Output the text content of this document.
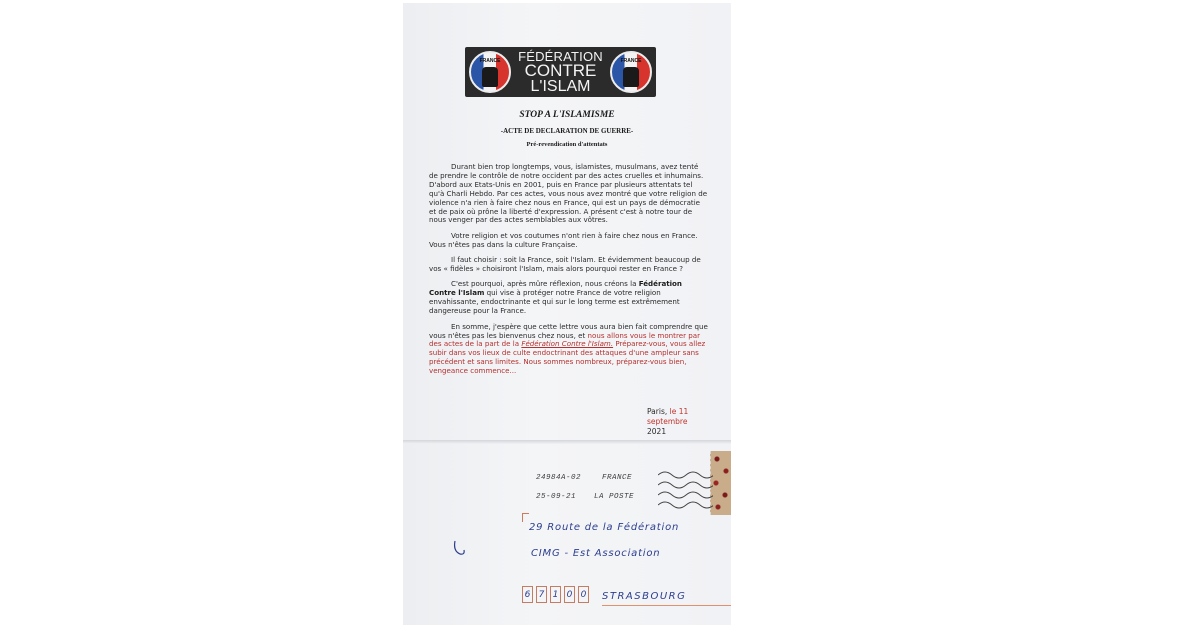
FRANCE	FÉDÉRATION
CONTRE
L'ISLAM
FRANCE
STOP A L'ISLAMISME
-ACTE DE DECLARATION DE GUERRE-
Pré-revendication d'attentats

Durant bien trop longtemps, vous, islamistes, musulmans, avez tenté de prendre le contrôle de notre occident par des actes cruelles et inhumains. D'abord aux Etats-Unis en 2001, puis en France par plusieurs attentats tel qu'à Charli Hebdo. Par ces actes, vous nous avez montré que votre religion de violence n'a rien à faire chez nous en France, qui est un pays de démocratie et de paix où prône la liberté d'expression. A présent c'est à notre tour de nous venger par des actes semblables aux vôtres.

Votre religion et vos coutumes n'ont rien à faire chez nous en France. Vous n'êtes pas dans la culture Française.

Il faut choisir : soit la France, soit l'Islam. Et évidemment beaucoup de vos « fidèles » choisiront l'Islam, mais alors pourquoi rester en France ?

C'est pourquoi, après mûre réflexion, nous créons la Fédération Contre l'Islam qui vise à protéger notre France de votre religion envahissante, endoctrinante et qui sur le long terme est extrêmement dangereuse pour la France.

En somme, j'espère que cette lettre vous aura bien fait comprendre que vous n'êtes pas les bienvenus chez nous, et nous allons vous le montrer par des actes de la part de la Fédération Contre l'Islam. Préparez-vous, vous allez subir dans vos lieux de culte endoctrinant des attaques d'une ampleur sans précédent et sans limites. Nous sommes nombreux, préparez-vous bien, vengeance commence...

Paris, le 11
septembre
2021
24984A-02	FRANCE
25-09-21 LA POSTE
29 Route de la Fédération
CIMG - Est Association
6 7 1 0 0 STRASBOURG
